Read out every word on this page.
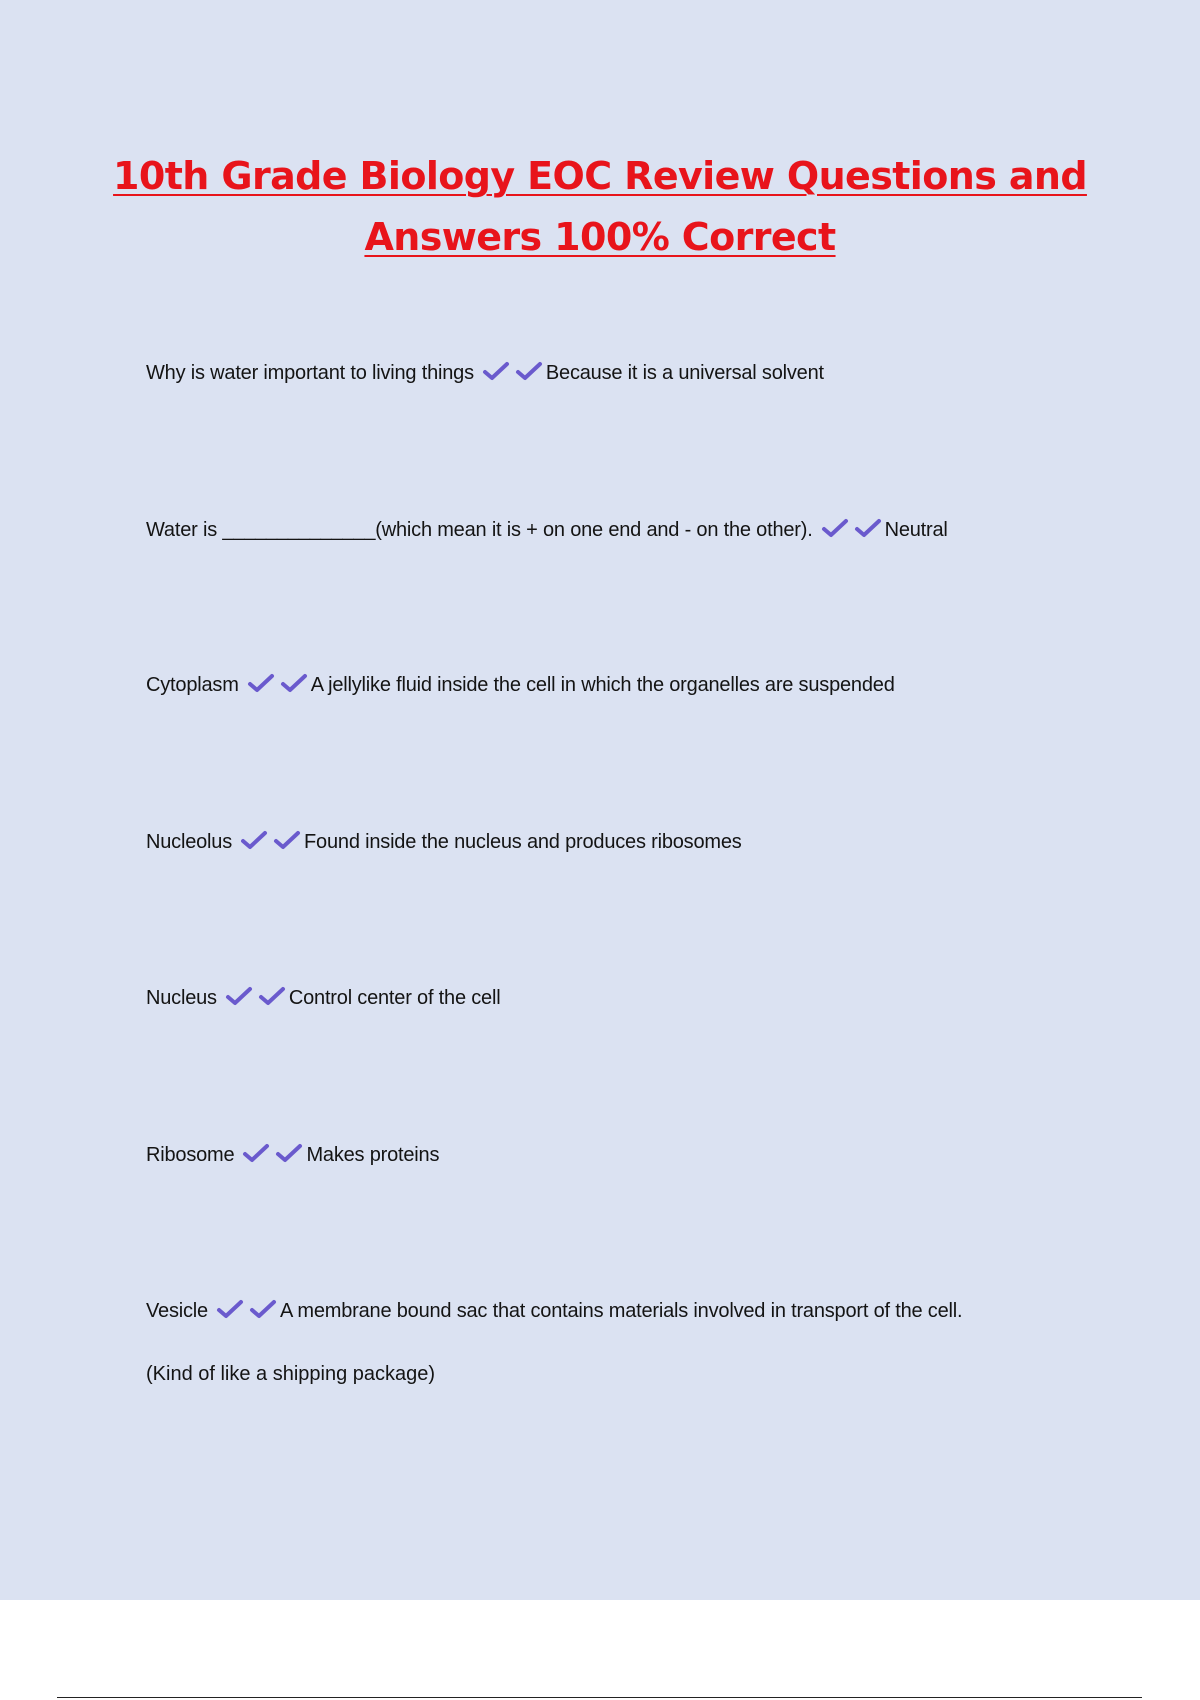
10th Grade Biology EOC Review Questions and Answers 100% Correct
Why is water important to living things	Because it is a universal solvent
Water is ______________(which mean it is + on one end and - on the other).	Neutral
Cytoplasm	A jellylike fluid inside the cell in which the organelles are suspended
Nucleolus	Found inside the nucleus and produces ribosomes
Nucleus	Control center of the cell
Ribosome	Makes proteins
Vesicle	A membrane bound sac that contains materials involved in transport of the cell.
(Kind of like a shipping package)
